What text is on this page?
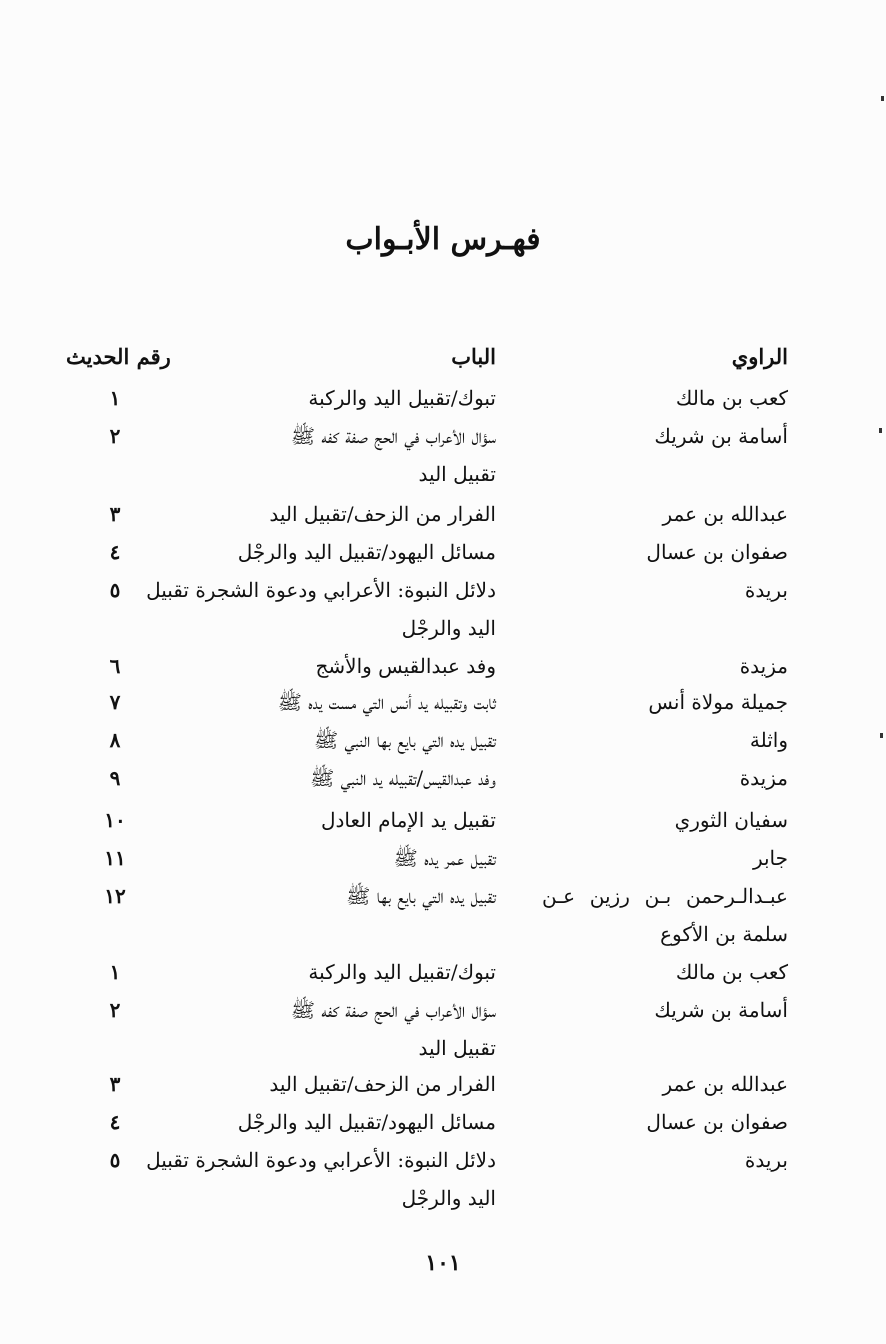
فهـرس الأبـواب
الراوي
الباب
رقم الحديث
كعب بن مالك
تبوك/تقبيل اليد والركبة
١
أسامة بن شريك
سؤال الأعراب في الحج صفة كفه ﷺ
٢
تقبيل اليد
عبدالله بن عمر
الفرار من الزحف/تقبيل اليد
٣
صفوان بن عسال
مسائل اليهود/تقبيل اليد والرجْل
٤
بريدة
دلائل النبوة: الأعرابي ودعوة الشجرة تقبيل
٥
اليد والرجْل
مزيدة
وفد عبدالقيس والأشج
٦
جميلة مولاة أنس
ثابت وتقبيله يد أنس التي مست يده ﷺ
٧
واثلة
تقبيل يده التي بايع بها النبي ﷺ
٨
مزيدة
وفد عبدالقيس/تقبيله يد النبي ﷺ
٩
سفيان الثوري
تقبيل يد الإمام العادل
١٠
جابر
تقبيل عمر يده ﷺ
١١
عبـدالـرحمن بـن رزين عـن
تقبيل يده التي بايع بها ﷺ
١٢
سلمة بن الأكوع
كعب بن مالك
تبوك/تقبيل اليد والركبة
١
أسامة بن شريك
سؤال الأعراب في الحج صفة كفه ﷺ
٢
تقبيل اليد
عبدالله بن عمر
الفرار من الزحف/تقبيل اليد
٣
صفوان بن عسال
مسائل اليهود/تقبيل اليد والرجْل
٤
بريدة
دلائل النبوة: الأعرابي ودعوة الشجرة تقبيل
٥
اليد والرجْل
١٠١
